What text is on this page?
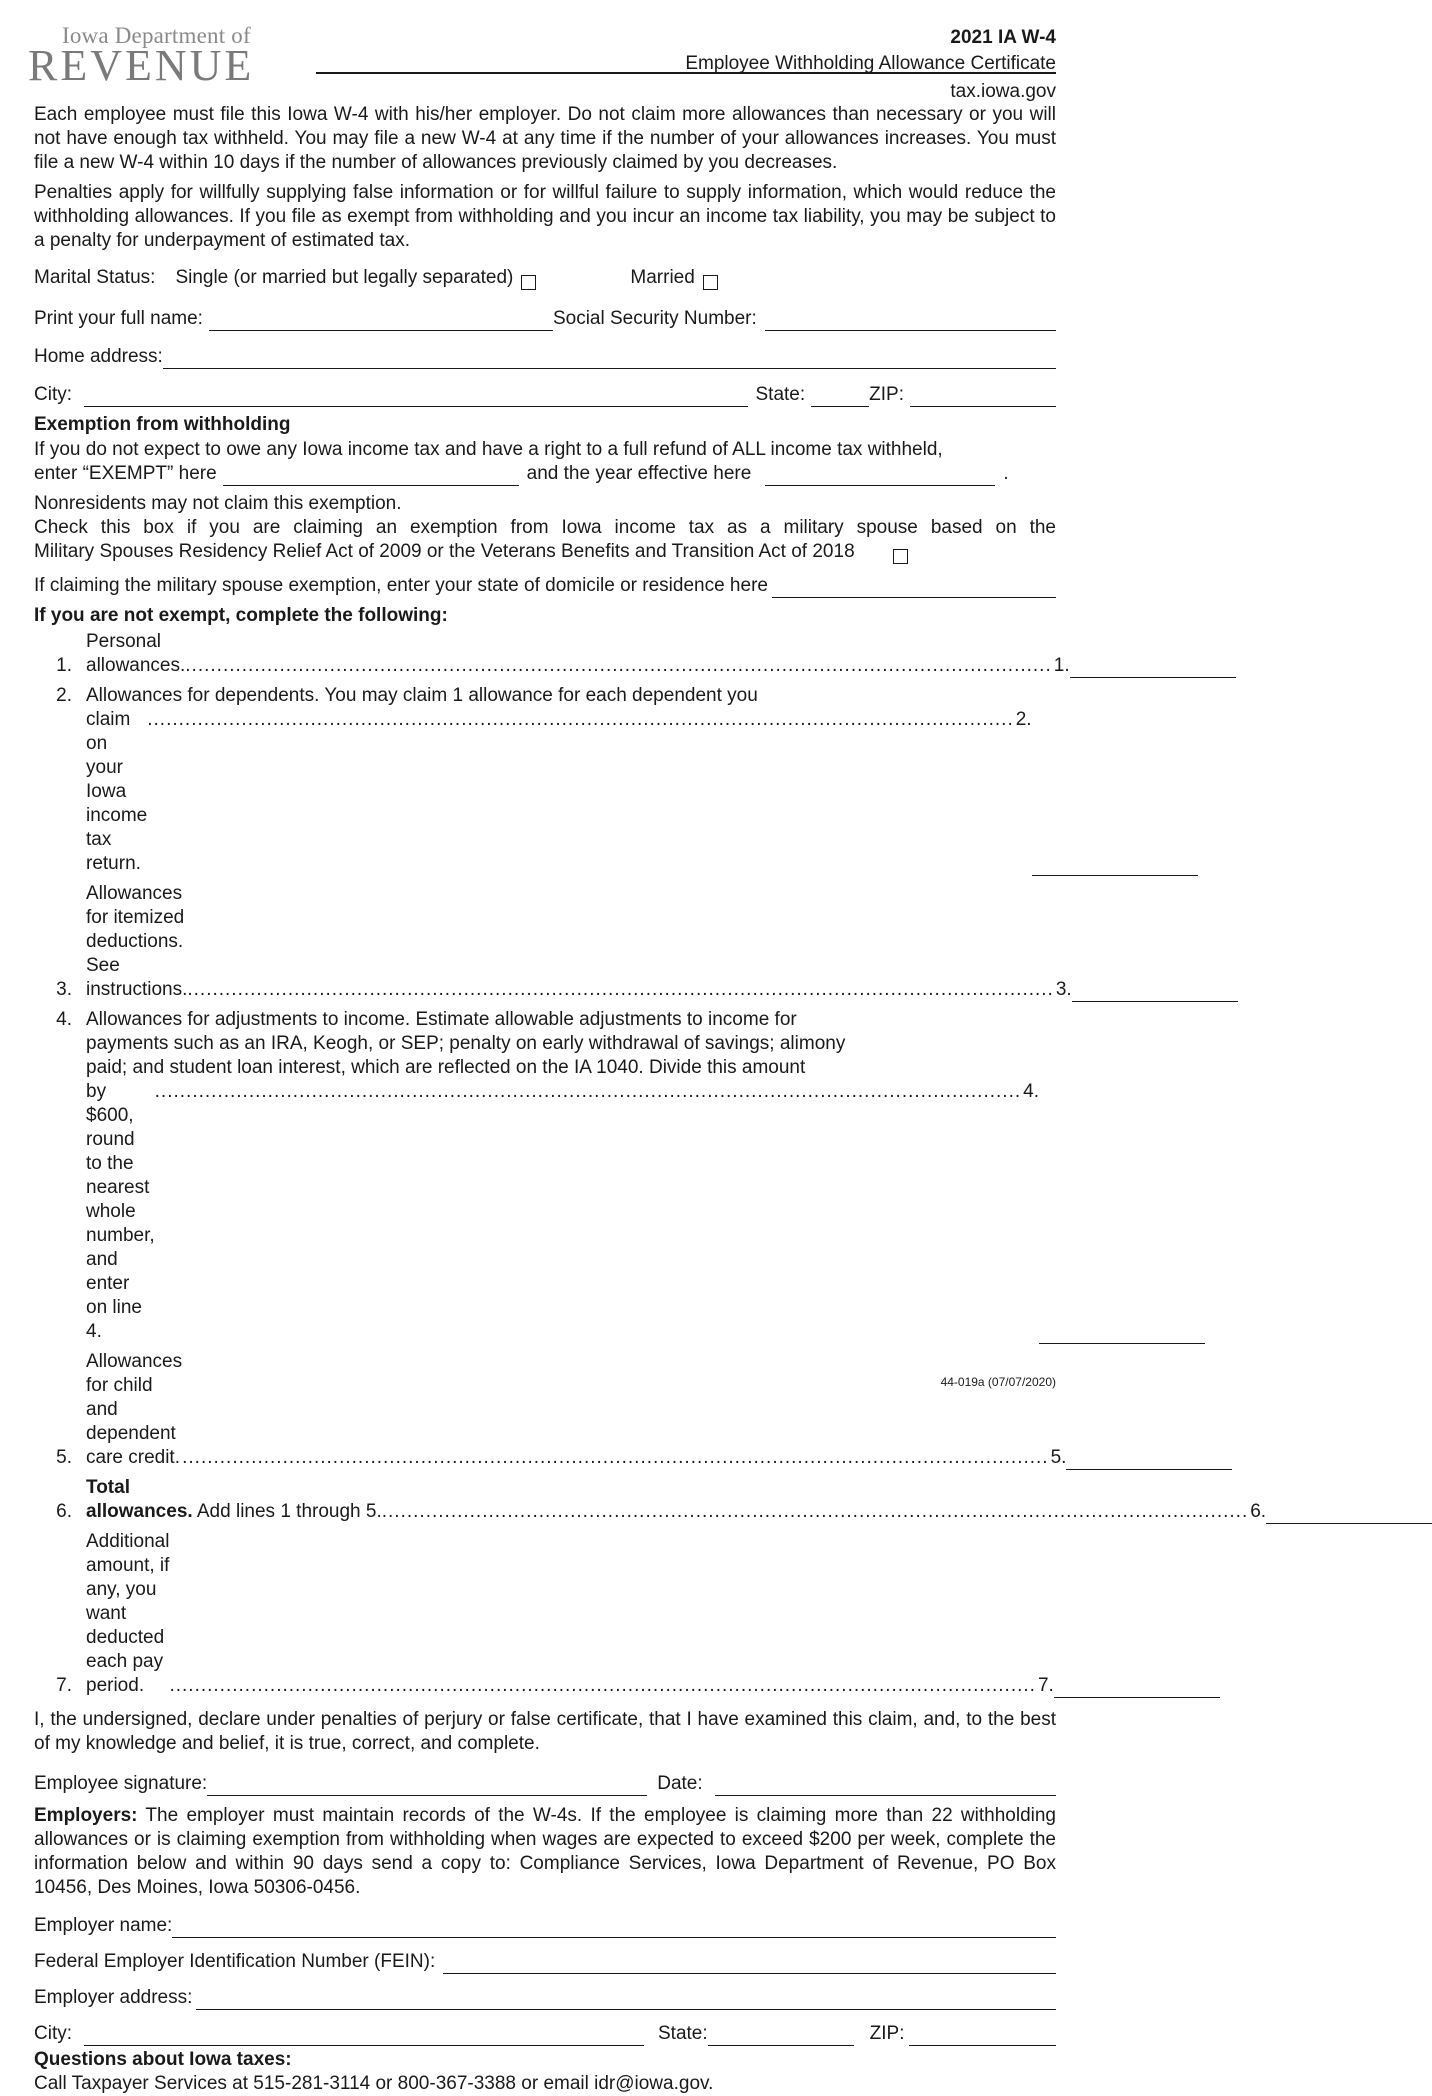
Iowa Department of
REVENUE
2021 IA W-4
Employee Withholding Allowance Certificate
tax.iowa.gov

Each employee must file this Iowa W-4 with his/her employer. Do not claim more allowances than necessary or you will not have enough tax withheld. You may file a new W-4 at any time if the number of your allowances increases. You must file a new W-4 within 10 days if the number of allowances previously claimed by you decreases.

Penalties apply for willfully supplying false information or for willful failure to supply information, which would reduce the withholding allowances. If you file as exempt from withholding and you incur an income tax liability, you may be subject to a penalty for underpayment of estimated tax.

Marital Status: Single (or married but legally separated)	Married
Print your full name:	Social Security Number:
Home address:
City:	State:	ZIP:
Exemption from withholding
If you do not expect to owe any Iowa income tax and have a right to a full refund of ALL income tax withheld,
enter “EXEMPT” here	and the year effective here	.
Nonresidents may not claim this exemption.
Check this box if you are claiming an exemption from Iowa income tax as a military spouse based on the
Military Spouses Residency Relief Act of 2009 or the Veterans Benefits and Transition Act of 2018
If claiming the military spouse exemption, enter your state of domicile or residence here
If you are not exempt, complete the following:
1.
Personal allowances. .......................................................................................................................................... 1.
2. Allowances for dependents. You may claim 1 allowance for each dependent you
claim on your Iowa income tax return.
.......................................................................................................................................... 2.
3.
Allowances for itemized deductions. See instructions. .......................................................................................................................................... 3.
4. Allowances for adjustments to income. Estimate allowable adjustments to income for
payments such as an IRA, Keogh, or SEP; penalty on early withdrawal of savings; alimony
paid; and student loan interest, which are reflected on the IA 1040. Divide this amount
by $600, round to the nearest whole number, and enter on line 4.
.......................................................................................................................................... 4.
5.
Allowances for child and dependent care credit. .......................................................................................................................................... 5.
6.
Total allowances. Add lines 1 through 5. .......................................................................................................................................... 6.
7.
Additional amount, if any, you want deducted each pay period.	.......................................................................................................................................... 7.

I, the undersigned, declare under penalties of perjury or false certificate, that I have examined this claim, and, to the best of my knowledge and belief, it is true, correct, and complete.

Employee signature:	Date:

Employers: The employer must maintain records of the W-4s. If the employee is claiming more than 22 withholding allowances or is claiming exemption from withholding when wages are expected to exceed $200 per week, complete the information below and within 90 days send a copy to: Compliance Services, Iowa Department of Revenue, PO Box 10456, Des Moines, Iowa 50306-0456.

Employer name:
Federal Employer Identification Number (FEIN):
Employer address:
City:	State:	ZIP:
Questions about Iowa taxes:
Call Taxpayer Services at 515-281-3114 or 800-367-3388 or email idr@iowa.gov.
44-019a (07/07/2020)
